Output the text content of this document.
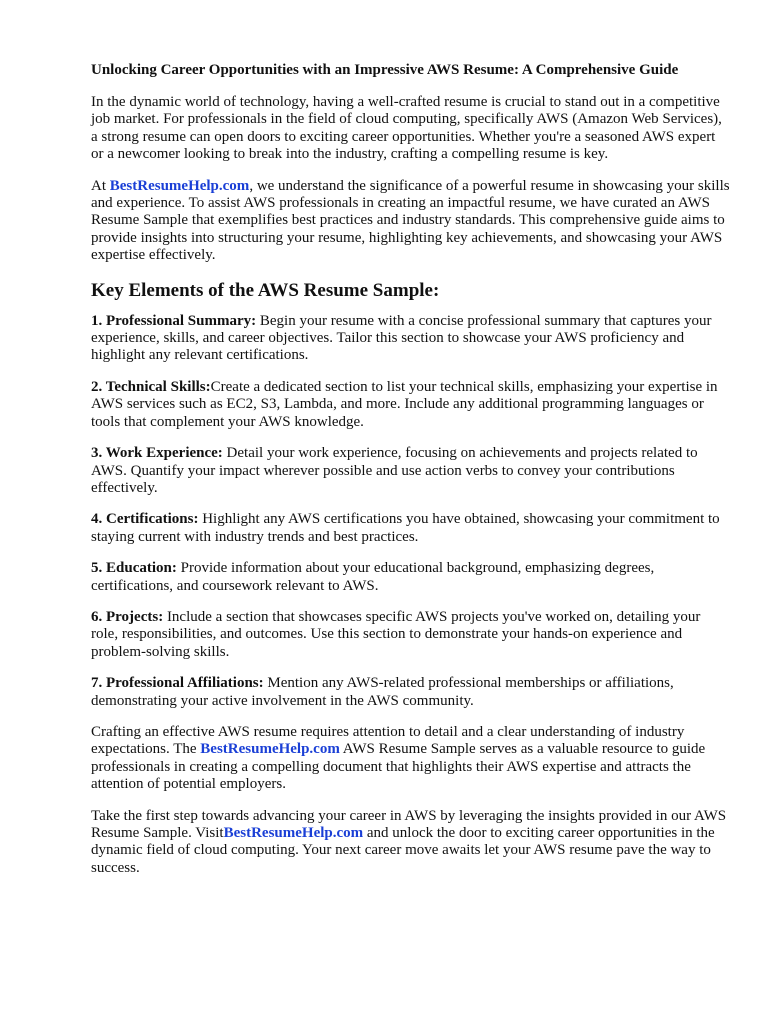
Unlocking Career Opportunities with an Impressive AWS Resume: A Comprehensive Guide

In the dynamic world of technology, having a well-crafted resume is crucial to stand out in a competitive job market. For professionals in the field of cloud computing, specifically AWS (Amazon Web Services), a strong resume can open doors to exciting career opportunities. Whether you're a seasoned AWS expert or a newcomer looking to break into the industry, crafting a compelling resume is key.

At BestResumeHelp.com, we understand the significance of a powerful resume in showcasing your skills and experience. To assist AWS professionals in creating an impactful resume, we have curated an AWS Resume Sample that exemplifies best practices and industry standards. This comprehensive guide aims to provide insights into structuring your resume, highlighting key achievements, and showcasing your AWS expertise effectively.

Key Elements of the AWS Resume Sample:

1. Professional Summary: Begin your resume with a concise professional summary that captures your experience, skills, and career objectives. Tailor this section to showcase your AWS proficiency and highlight any relevant certifications.

2. Technical Skills:Create a dedicated section to list your technical skills, emphasizing your expertise in AWS services such as EC2, S3, Lambda, and more. Include any additional programming languages or tools that complement your AWS knowledge.

3. Work Experience: Detail your work experience, focusing on achievements and projects related to AWS. Quantify your impact wherever possible and use action verbs to convey your contributions effectively.

4. Certifications: Highlight any AWS certifications you have obtained, showcasing your commitment to staying current with industry trends and best practices.

5. Education: Provide information about your educational background, emphasizing degrees, certifications, and coursework relevant to AWS.

6. Projects: Include a section that showcases specific AWS projects you've worked on, detailing your role, responsibilities, and outcomes. Use this section to demonstrate your hands-on experience and problem-solving skills.

7. Professional Affiliations: Mention any AWS-related professional memberships or affiliations, demonstrating your active involvement in the AWS community.

Crafting an effective AWS resume requires attention to detail and a clear understanding of industry expectations. The BestResumeHelp.com AWS Resume Sample serves as a valuable resource to guide professionals in creating a compelling document that highlights their AWS expertise and attracts the attention of potential employers.

Take the first step towards advancing your career in AWS by leveraging the insights provided in our AWS Resume Sample. VisitBestResumeHelp.com and unlock the door to exciting career opportunities in the dynamic field of cloud computing. Your next career move awaits let your AWS resume pave the way to success.
